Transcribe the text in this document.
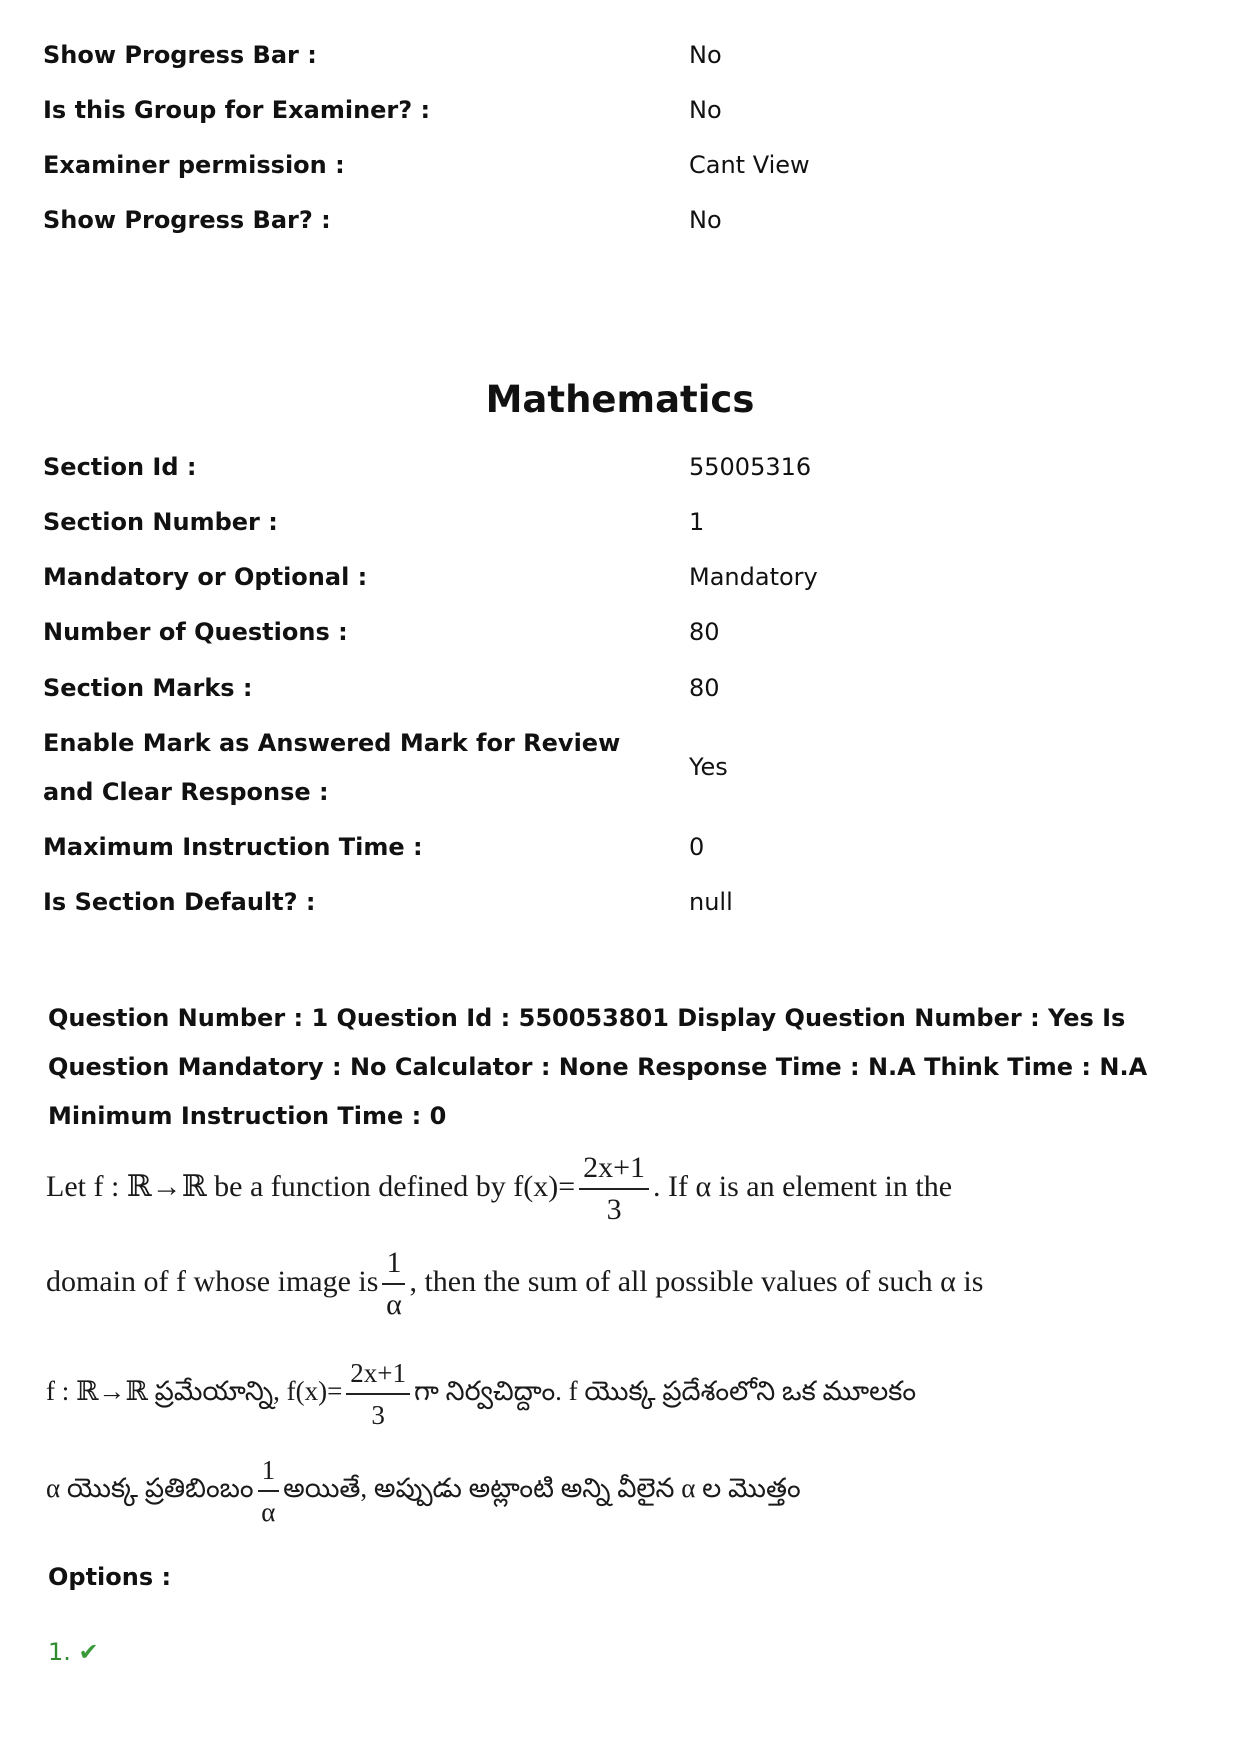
Show Progress Bar :	No
Is this Group for Examiner? :	No
Examiner permission :	Cant View
Show Progress Bar? :	No
Mathematics
Section Id :	55005316
Section Number :	1
Mandatory or Optional :	Mandatory
Number of Questions :	80
Section Marks :	80
Enable Mark as Answered Mark for Review and Clear Response :
Yes
Maximum Instruction Time :	0
Is Section Default? :	null
Question Number : 1 Question Id : 550053801 Display Question Number : Yes Is Question Mandatory : No Calculator : None Response Time : N.A Think Time : N.A Minimum Instruction Time : 0
Let f : ℝ→ℝ be a function defined by $f(x)= \frac{2x+1}{3}$ . If α is an element in the
domain of f whose image is $\frac{1}{\alpha}$ , then the sum of all possible values of such α is
f : ℝ→ℝ ప్రమేయాన్ని, $f(x)= \frac{2x+1}{3}$ గా నిర్వచిద్దాం. f యొక్క ప్రదేశంలోని ఒక మూలకం
α యొక్క ప్రతిబింబం $\frac{1}{\alpha}$ అయితే, అప్పుడు అట్లాంటి అన్ని వీలైన α ల మొత్తం
Options :
1. ✔
